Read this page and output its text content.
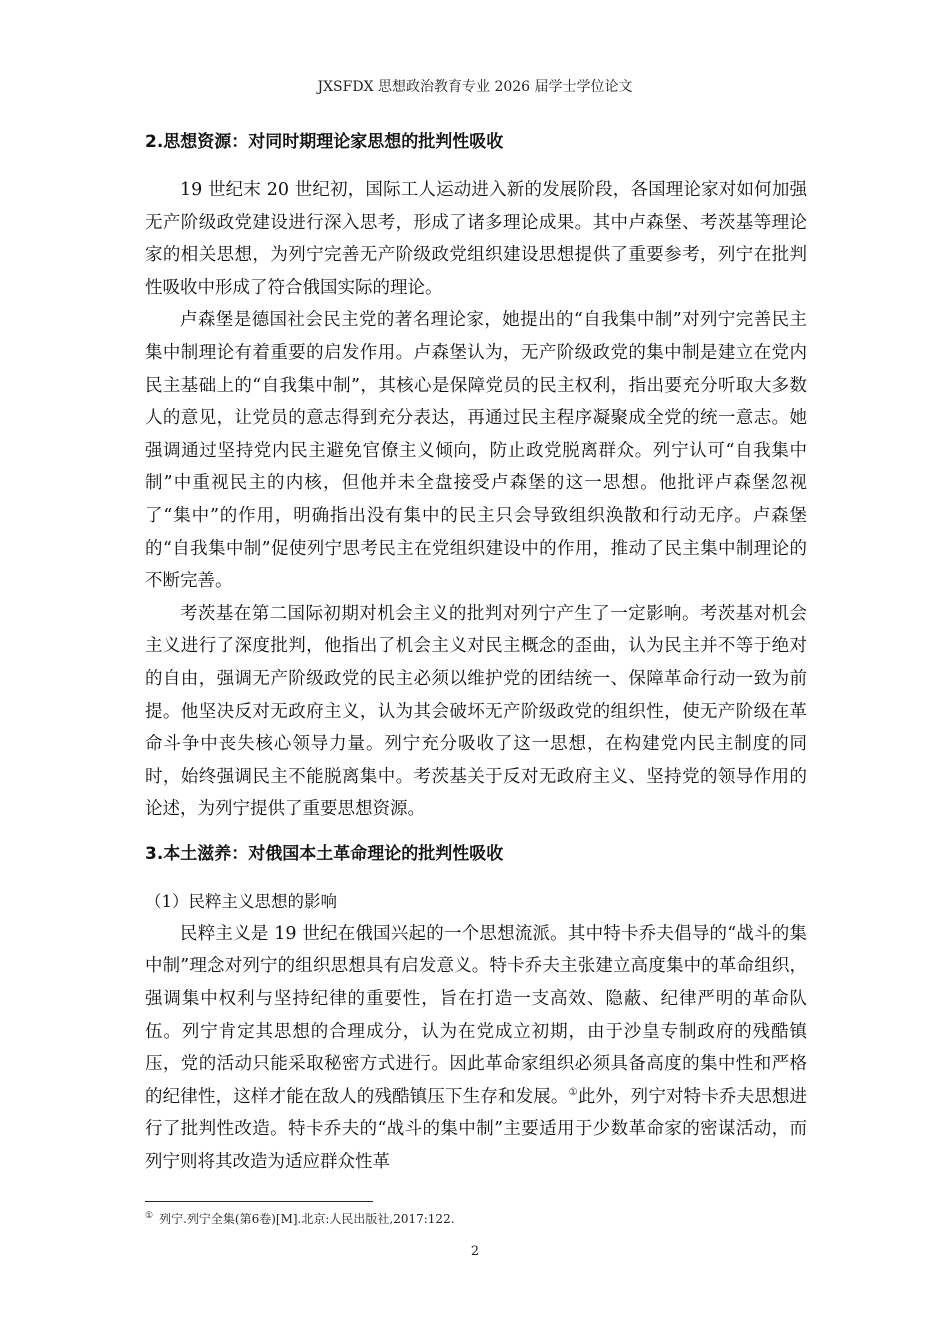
JXSFDX 思想政治教育专业 2026 届学士学位论文
2.思想资源：对同时期理论家思想的批判性吸收

19 世纪末 20 世纪初，国际工人运动进入新的发展阶段，各国理论家对如何加强无产阶级政党建设进行深入思考，形成了诸多理论成果。其中卢森堡、考茨基等理论家的相关思想，为列宁完善无产阶级政党组织建设思想提供了重要参考，列宁在批判性吸收中形成了符合俄国实际的理论。

卢森堡是德国社会民主党的著名理论家，她提出的“自我集中制”对列宁完善民主集中制理论有着重要的启发作用。卢森堡认为，无产阶级政党的集中制是建立在党内民主基础上的“自我集中制”，其核心是保障党员的民主权利，指出要充分听取大多数人的意见，让党员的意志得到充分表达，再通过民主程序凝聚成全党的统一意志。她强调通过坚持党内民主避免官僚主义倾向，防止政党脱离群众。列宁认可“自我集中制”中重视民主的内核，但他并未全盘接受卢森堡的这一思想。他批评卢森堡忽视了“集中”的作用，明确指出没有集中的民主只会导致组织涣散和行动无序。卢森堡的“自我集中制”促使列宁思考民主在党组织建设中的作用，推动了民主集中制理论的不断完善。

考茨基在第二国际初期对机会主义的批判对列宁产生了一定影响。考茨基对机会主义进行了深度批判，他指出了机会主义对民主概念的歪曲，认为民主并不等于绝对的自由，强调无产阶级政党的民主必须以维护党的团结统一、保障革命行动一致为前提。他坚决反对无政府主义，认为其会破坏无产阶级政党的组织性，使无产阶级在革命斗争中丧失核心领导力量。列宁充分吸收了这一思想，在构建党内民主制度的同时，始终强调民主不能脱离集中。考茨基关于反对无政府主义、坚持党的领导作用的论述，为列宁提供了重要思想资源。

3.本土滋养：对俄国本土革命理论的批判性吸收

（1）民粹主义思想的影响

民粹主义是 19 世纪在俄国兴起的一个思想流派。其中特卡乔夫倡导的“战斗的集中制”理念对列宁的组织思想具有启发意义。特卡乔夫主张建立高度集中的革命组织，强调集中权利与坚持纪律的重要性，旨在打造一支高效、隐蔽、纪律严明的革命队伍。列宁肯定其思想的合理成分，认为在党成立初期，由于沙皇专制政府的残酷镇压，党的活动只能采取秘密方式进行。因此革命家组织必须具备高度的集中性和严格的纪律性，这样才能在敌人的残酷镇压下生存和发展。①此外，列宁对特卡乔夫思想进行了批判性改造。特卡乔夫的“战斗的集中制”主要适用于少数革命家的密谋活动，而列宁则将其改造为适应群众性革

① 列宁.列宁全集(第6卷)[M].北京:人民出版社,2017:122.
2
